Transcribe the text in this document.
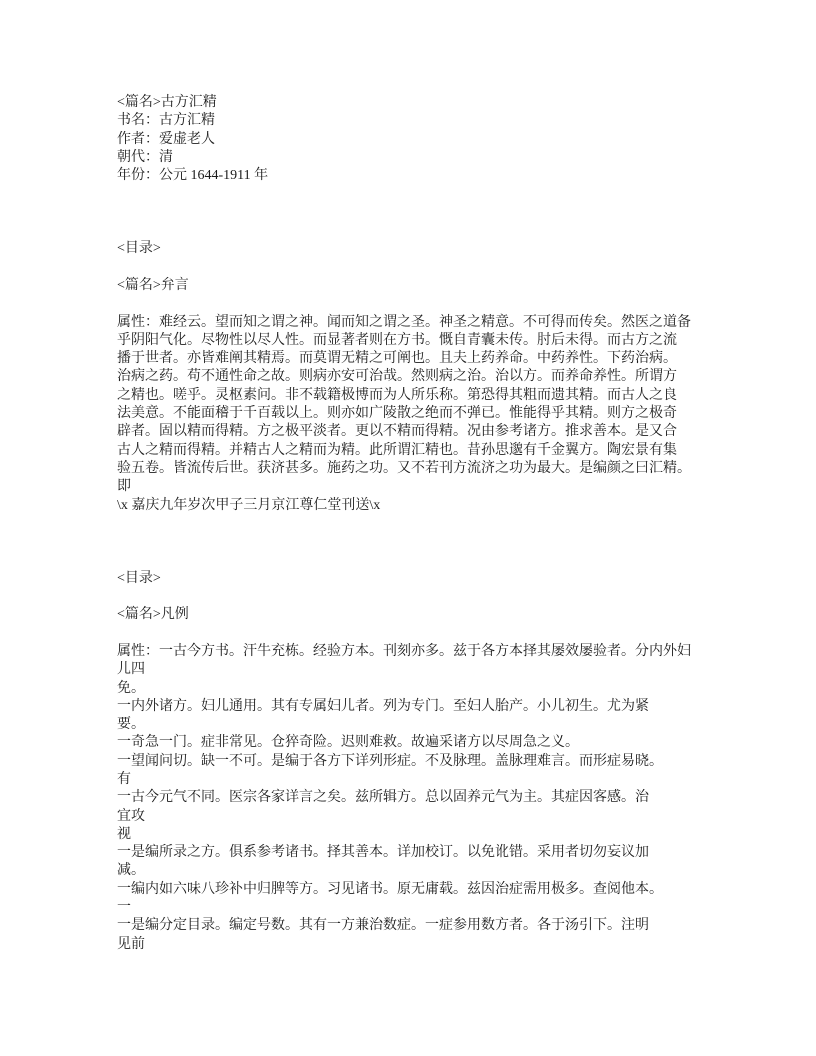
<篇名>古方汇精
书名：古方汇精
作者：爱虚老人
朝代：清
年份：公元 1644-1911 年
<目录>
<篇名>弁言
属性：难经云。望而知之谓之神。闻而知之谓之圣。神圣之精意。不可得而传矣。然医之道备
乎阴阳气化。尽物性以尽人性。而显著者则在方书。慨自青囊未传。肘后未得。而古方之流
播于世者。亦皆难阐其精焉。而莫谓无精之可阐也。且夫上药养命。中药养性。下药治病。
治病之药。苟不通性命之故。则病亦安可治哉。然则病之治。治以方。而养命养性。所谓方
之精也。嗟乎。灵枢素问。非不载籍极博而为人所乐称。第恐得其粗而遗其精。而古人之良
法美意。不能面稽于千百载以上。则亦如广陵散之绝而不弹已。惟能得乎其精。则方之极奇
辟者。固以精而得精。方之极平淡者。更以不精而得精。况由参考诸方。推求善本。是又合
古人之精而得精。并精古人之精而为精。此所谓汇精也。昔孙思邈有千金翼方。陶宏景有集
验五卷。皆流传后世。获济甚多。施药之功。又不若刊方流济之功为最大。是编颜之曰汇精。
即
\x 嘉庆九年岁次甲子三月京江尊仁堂刊送\x
<目录>
<篇名>凡例
属性：一古今方书。汗牛充栋。经验方本。刊刻亦多。兹于各方本择其屡效屡验者。分内外妇
儿四
免。
一内外诸方。妇儿通用。其有专属妇儿者。列为专门。至妇人胎产。小儿初生。尤为紧
要。
一奇急一门。症非常见。仓猝奇险。迟则难救。故遍采诸方以尽周急之义。
一望闻问切。缺一不可。是编于各方下详列形症。不及脉理。盖脉理难言。而形症易晓。
有
一古今元气不同。医宗各家详言之矣。兹所辑方。总以固养元气为主。其症因客感。治
宜攻
视
一是编所录之方。俱系参考诸书。择其善本。详加校订。以免讹错。采用者切勿妄议加
减。
一编内如六味八珍补中归脾等方。习见诸书。原无庸载。兹因治症需用极多。查阅他本。
一
一是编分定目录。编定号数。其有一方兼治数症。一症参用数方者。各于汤引下。注明
见前
